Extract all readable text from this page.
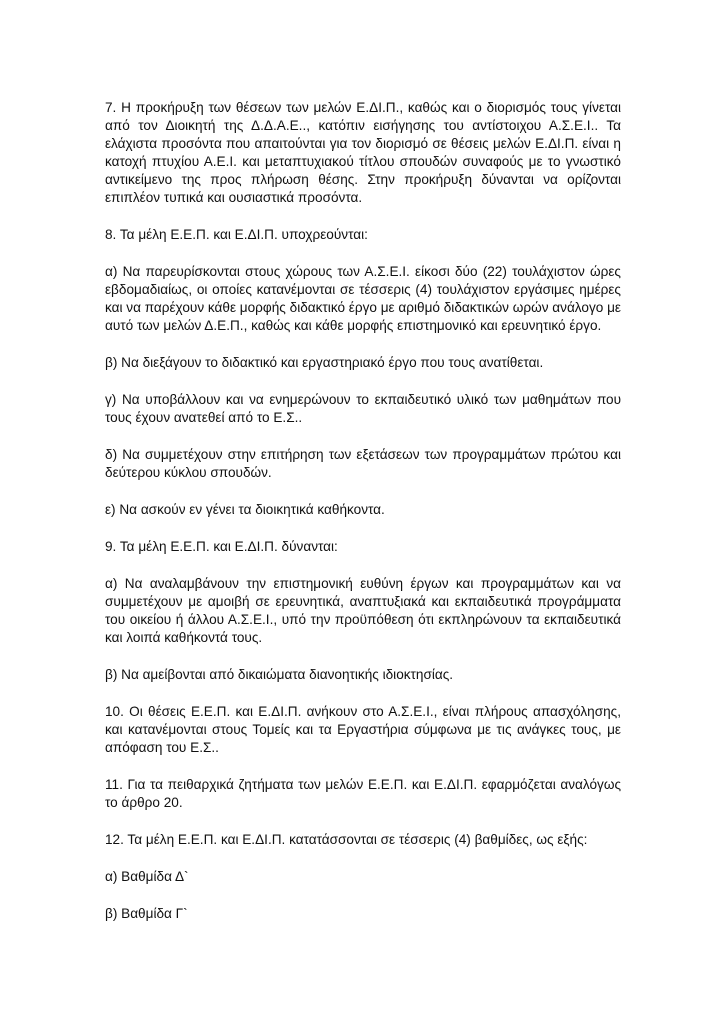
7. Η προκήρυξη των θέσεων των μελών Ε.ΔΙ.Π., καθώς και ο διορισμός τους γίνεται από τον Διοικητή της Δ.Δ.Α.Ε.., κατόπιν εισήγησης του αντίστοιχου Α.Σ.Ε.Ι.. Τα ελάχιστα προσόντα που απαιτούνται για τον διορισμό σε θέσεις μελών Ε.ΔΙ.Π. είναι η κατοχή πτυχίου Α.Ε.Ι. και μεταπτυχιακού τίτλου σπουδών συναφούς με το γνωστικό αντικείμενο της προς πλήρωση θέσης. Στην προκήρυξη δύνανται να ορίζονται επιπλέον τυπικά και ουσιαστικά προσόντα.

8. Τα μέλη Ε.Ε.Π. και Ε.ΔΙ.Π. υποχρεούνται:

α) Να παρευρίσκονται στους χώρους των Α.Σ.Ε.Ι. είκοσι δύο (22) τουλάχιστον ώρες εβδομαδιαίως, οι οποίες κατανέμονται σε τέσσερις (4) τουλάχιστον εργάσιμες ημέρες και να παρέχουν κάθε μορφής διδακτικό έργο με αριθμό διδακτικών ωρών ανάλογο με αυτό των μελών Δ.Ε.Π., καθώς και κάθε μορφής επιστημονικό και ερευνητικό έργο.

β) Να διεξάγουν το διδακτικό και εργαστηριακό έργο που τους ανατίθεται.

γ) Να υποβάλλουν και να ενημερώνουν το εκπαιδευτικό υλικό των μαθημάτων που τους έχουν ανατεθεί από το Ε.Σ..

δ) Να συμμετέχουν στην επιτήρηση των εξετάσεων των προγραμμάτων πρώτου και δεύτερου κύκλου σπουδών.

ε) Να ασκούν εν γένει τα διοικητικά καθήκοντα.

9. Τα μέλη Ε.Ε.Π. και Ε.ΔΙ.Π. δύνανται:

α) Να αναλαμβάνουν την επιστημονική ευθύνη έργων και προγραμμάτων και να συμμετέχουν με αμοιβή σε ερευνητικά, αναπτυξιακά και εκπαιδευτικά προγράμματα του οικείου ή άλλου Α.Σ.Ε.Ι., υπό την προϋπόθεση ότι εκπληρώνουν τα εκπαιδευτικά και λοιπά καθήκοντά τους.

β) Να αμείβονται από δικαιώματα διανοητικής ιδιοκτησίας.

10. Οι θέσεις Ε.Ε.Π. και Ε.ΔΙ.Π. ανήκουν στο Α.Σ.Ε.Ι., είναι πλήρους απασχόλησης, και κατανέμονται στους Τομείς και τα Εργαστήρια σύμφωνα με τις ανάγκες τους, με απόφαση του Ε.Σ..

11. Για τα πειθαρχικά ζητήματα των μελών Ε.Ε.Π. και Ε.ΔΙ.Π. εφαρμόζεται αναλόγως το άρθρο 20.

12. Τα μέλη Ε.Ε.Π. και Ε.ΔΙ.Π. κατατάσσονται σε τέσσερις (4) βαθμίδες, ως εξής:

α) Βαθμίδα Δ`

β) Βαθμίδα Γ`
